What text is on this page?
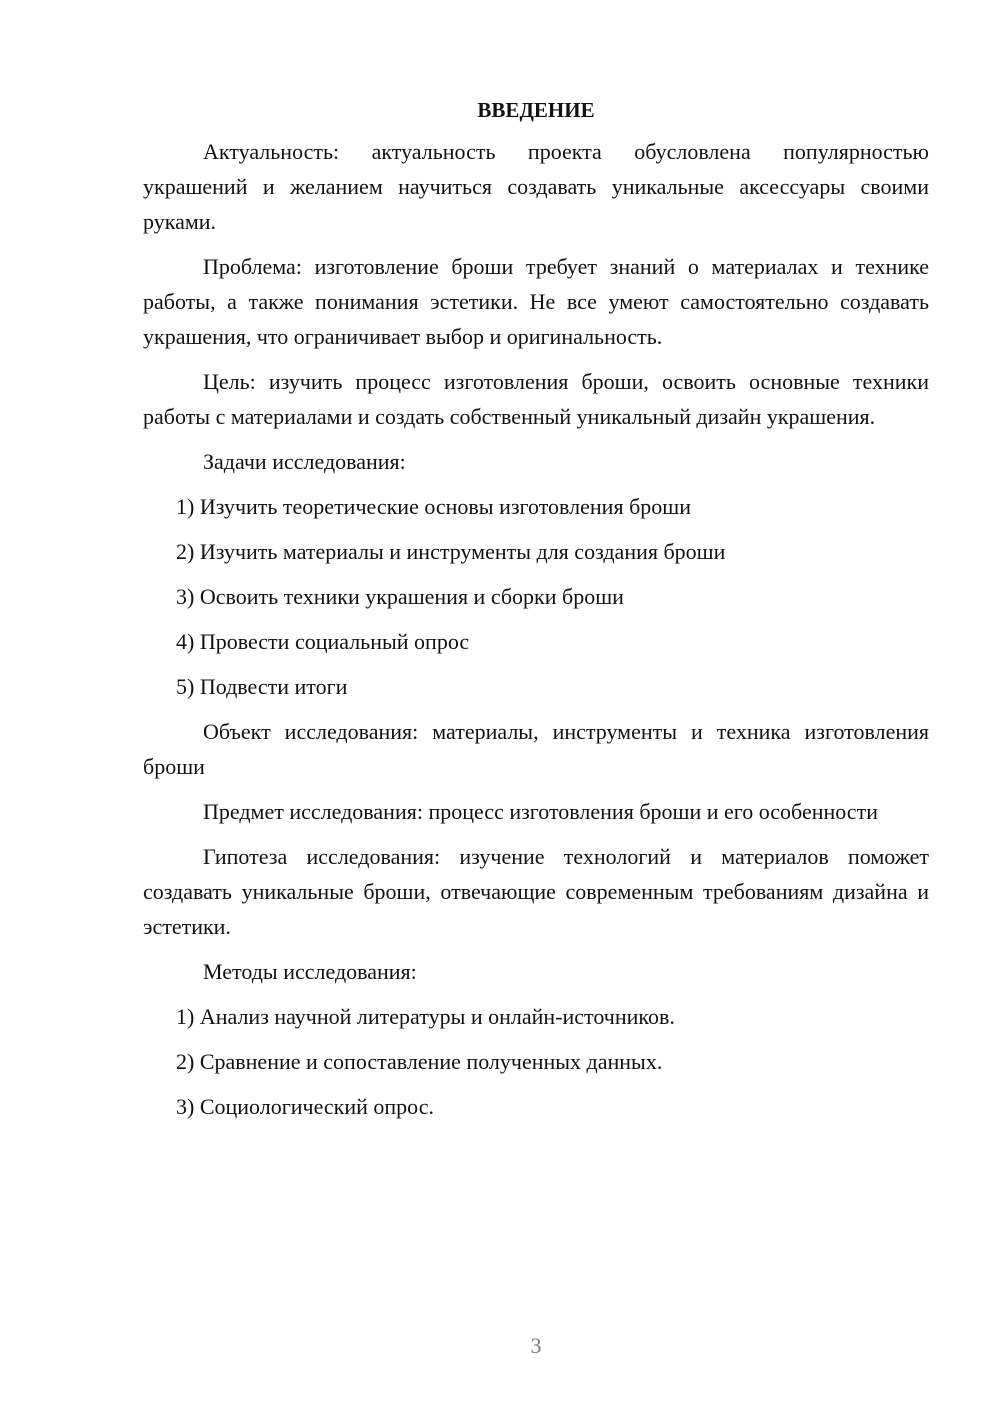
ВВЕДЕНИЕ

Актуальность: актуальность проекта обусловлена популярностью украшений и желанием научиться создавать уникальные аксессуары своими руками.

Проблема: изготовление броши требует знаний о материалах и технике работы, а также понимания эстетики. Не все умеют самостоятельно создавать украшения, что ограничивает выбор и оригинальность.

Цель: изучить процесс изготовления броши, освоить основные техники работы с материалами и создать собственный уникальный дизайн украшения.

Задачи исследования:

1) Изучить теоретические основы изготовления броши
2) Изучить материалы и инструменты для создания броши
3) Освоить техники украшения и сборки броши
4) Провести социальный опрос
5) Подвести итоги

Объект исследования: материалы, инструменты и техника изготовления броши

Предмет исследования: процесс изготовления броши и его особенности

Гипотеза исследования: изучение технологий и материалов поможет создавать уникальные броши, отвечающие современным требованиям дизайна и эстетики.

Методы исследования:

1) Анализ научной литературы и онлайн-источников.
2) Сравнение и сопоставление полученных данных.
3) Социологический опрос.
3
